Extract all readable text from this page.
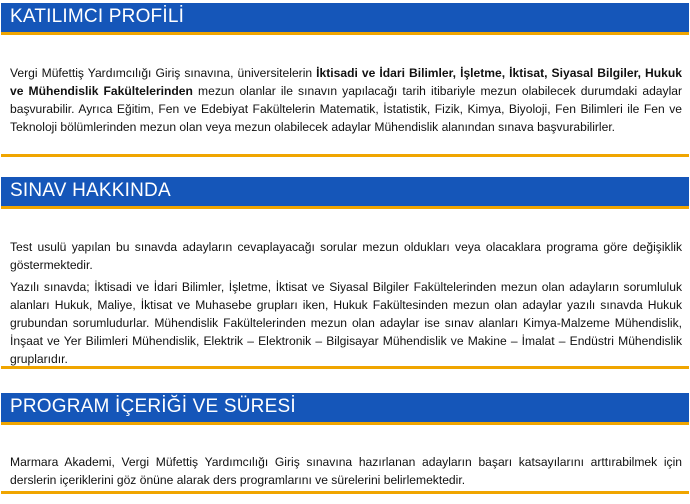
KATILIMCI PROFİLİ

Vergi Müfettiş Yardımcılığı Giriş sınavına, üniversitelerin İktisadi ve İdari Bilimler, İşletme, İktisat, Siyasal Bilgiler, Hukuk ve Mühendislik Fakültelerinden mezun olanlar ile sınavın yapılacağı tarih itibariyle mezun olabilecek durumdaki adaylar başvurabilir. Ayrıca Eğitim, Fen ve Edebiyat Fakültelerin Matematik, İstatistik, Fizik, Kimya, Biyoloji, Fen Bilimleri ile Fen ve Teknoloji bölümlerinden mezun olan veya mezun olabilecek adaylar Mühendislik alanından sınava başvurabilirler.

SINAV HAKKINDA

Test usulü yapılan bu sınavda adayların cevaplayacağı sorular mezun oldukları veya olacaklara programa göre değişiklik göstermektedir.

Yazılı sınavda; İktisadi ve İdari Bilimler, İşletme, İktisat ve Siyasal Bilgiler Fakültelerinden mezun olan adayların sorumluluk alanları Hukuk, Maliye, İktisat ve Muhasebe grupları iken, Hukuk Fakültesinden mezun olan adaylar yazılı sınavda Hukuk grubundan sorumludurlar. Mühendislik Fakültelerinden mezun olan adaylar ise sınav alanları Kimya-Malzeme Mühendislik, İnşaat ve Yer Bilimleri Mühendislik, Elektrik – Elektronik – Bilgisayar Mühendislik ve Makine – İmalat – Endüstri Mühendislik gruplarıdır.

PROGRAM İÇERİĞİ VE SÜRESİ

Marmara Akademi, Vergi Müfettiş Yardımcılığı Giriş sınavına hazırlanan adayların başarı katsayılarını arttırabilmek için derslerin içeriklerini göz önüne alarak ders programlarını ve sürelerini belirlemektedir.
